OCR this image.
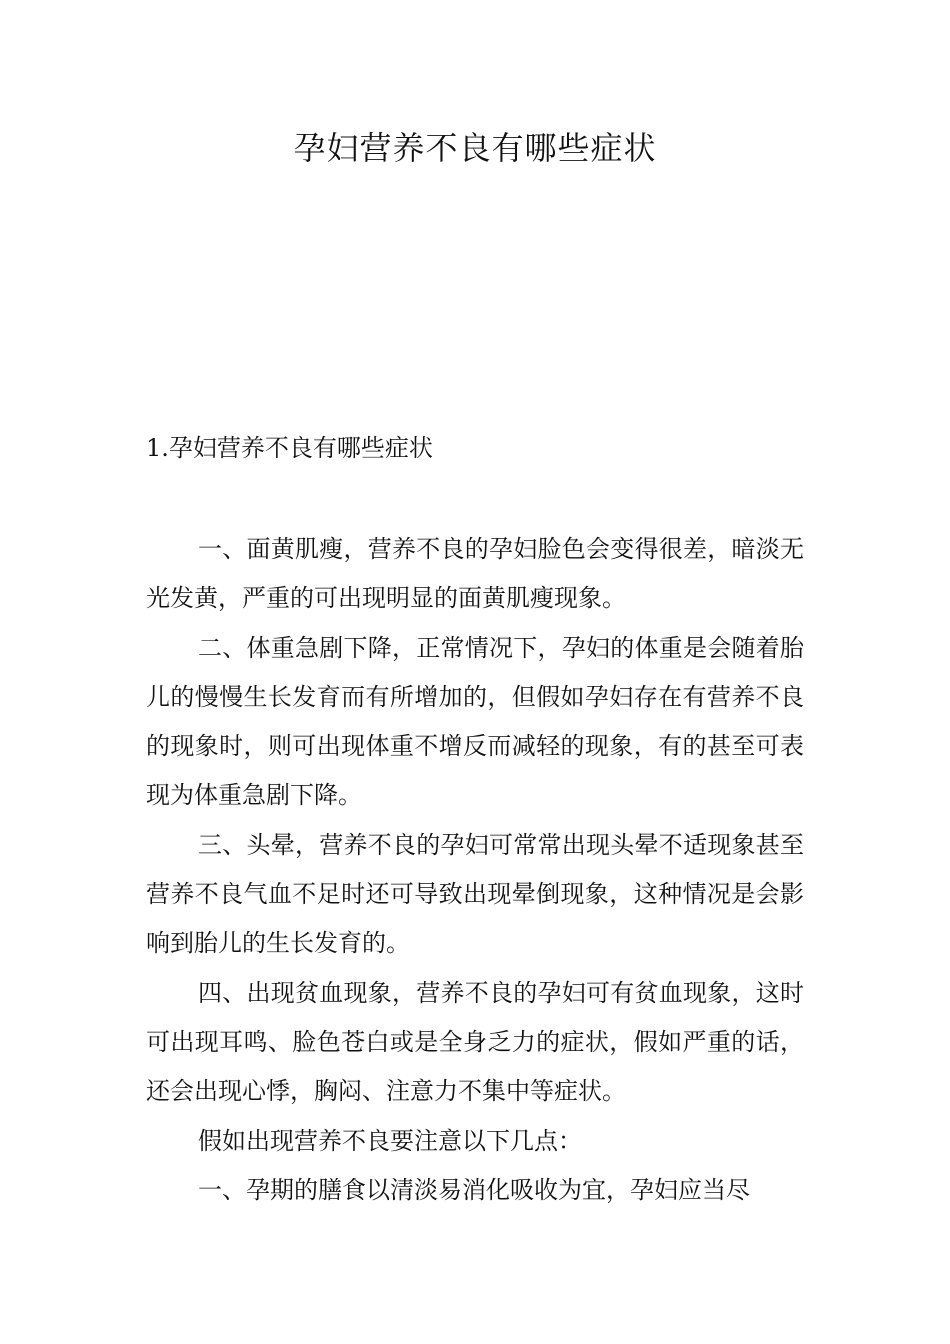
孕妇营养不良有哪些症状
1.孕妇营养不良有哪些症状

一、面黄肌瘦，营养不良的孕妇脸色会变得很差，暗淡无光发黄，严重的可出现明显的面黄肌瘦现象。

二、体重急剧下降，正常情况下，孕妇的体重是会随着胎儿的慢慢生长发育而有所增加的，但假如孕妇存在有营养不良的现象时，则可出现体重不增反而减轻的现象，有的甚至可表现为体重急剧下降。

三、头晕，营养不良的孕妇可常常出现头晕不适现象甚至营养不良气血不足时还可导致出现晕倒现象，这种情况是会影响到胎儿的生长发育的。

四、出现贫血现象，营养不良的孕妇可有贫血现象，这时可出现耳鸣、脸色苍白或是全身乏力的症状，假如严重的话，还会出现心悸，胸闷、注意力不集中等症状。

假如出现营养不良要注意以下几点：

一、孕期的膳食以清淡易消化吸收为宜，孕妇应当尽
